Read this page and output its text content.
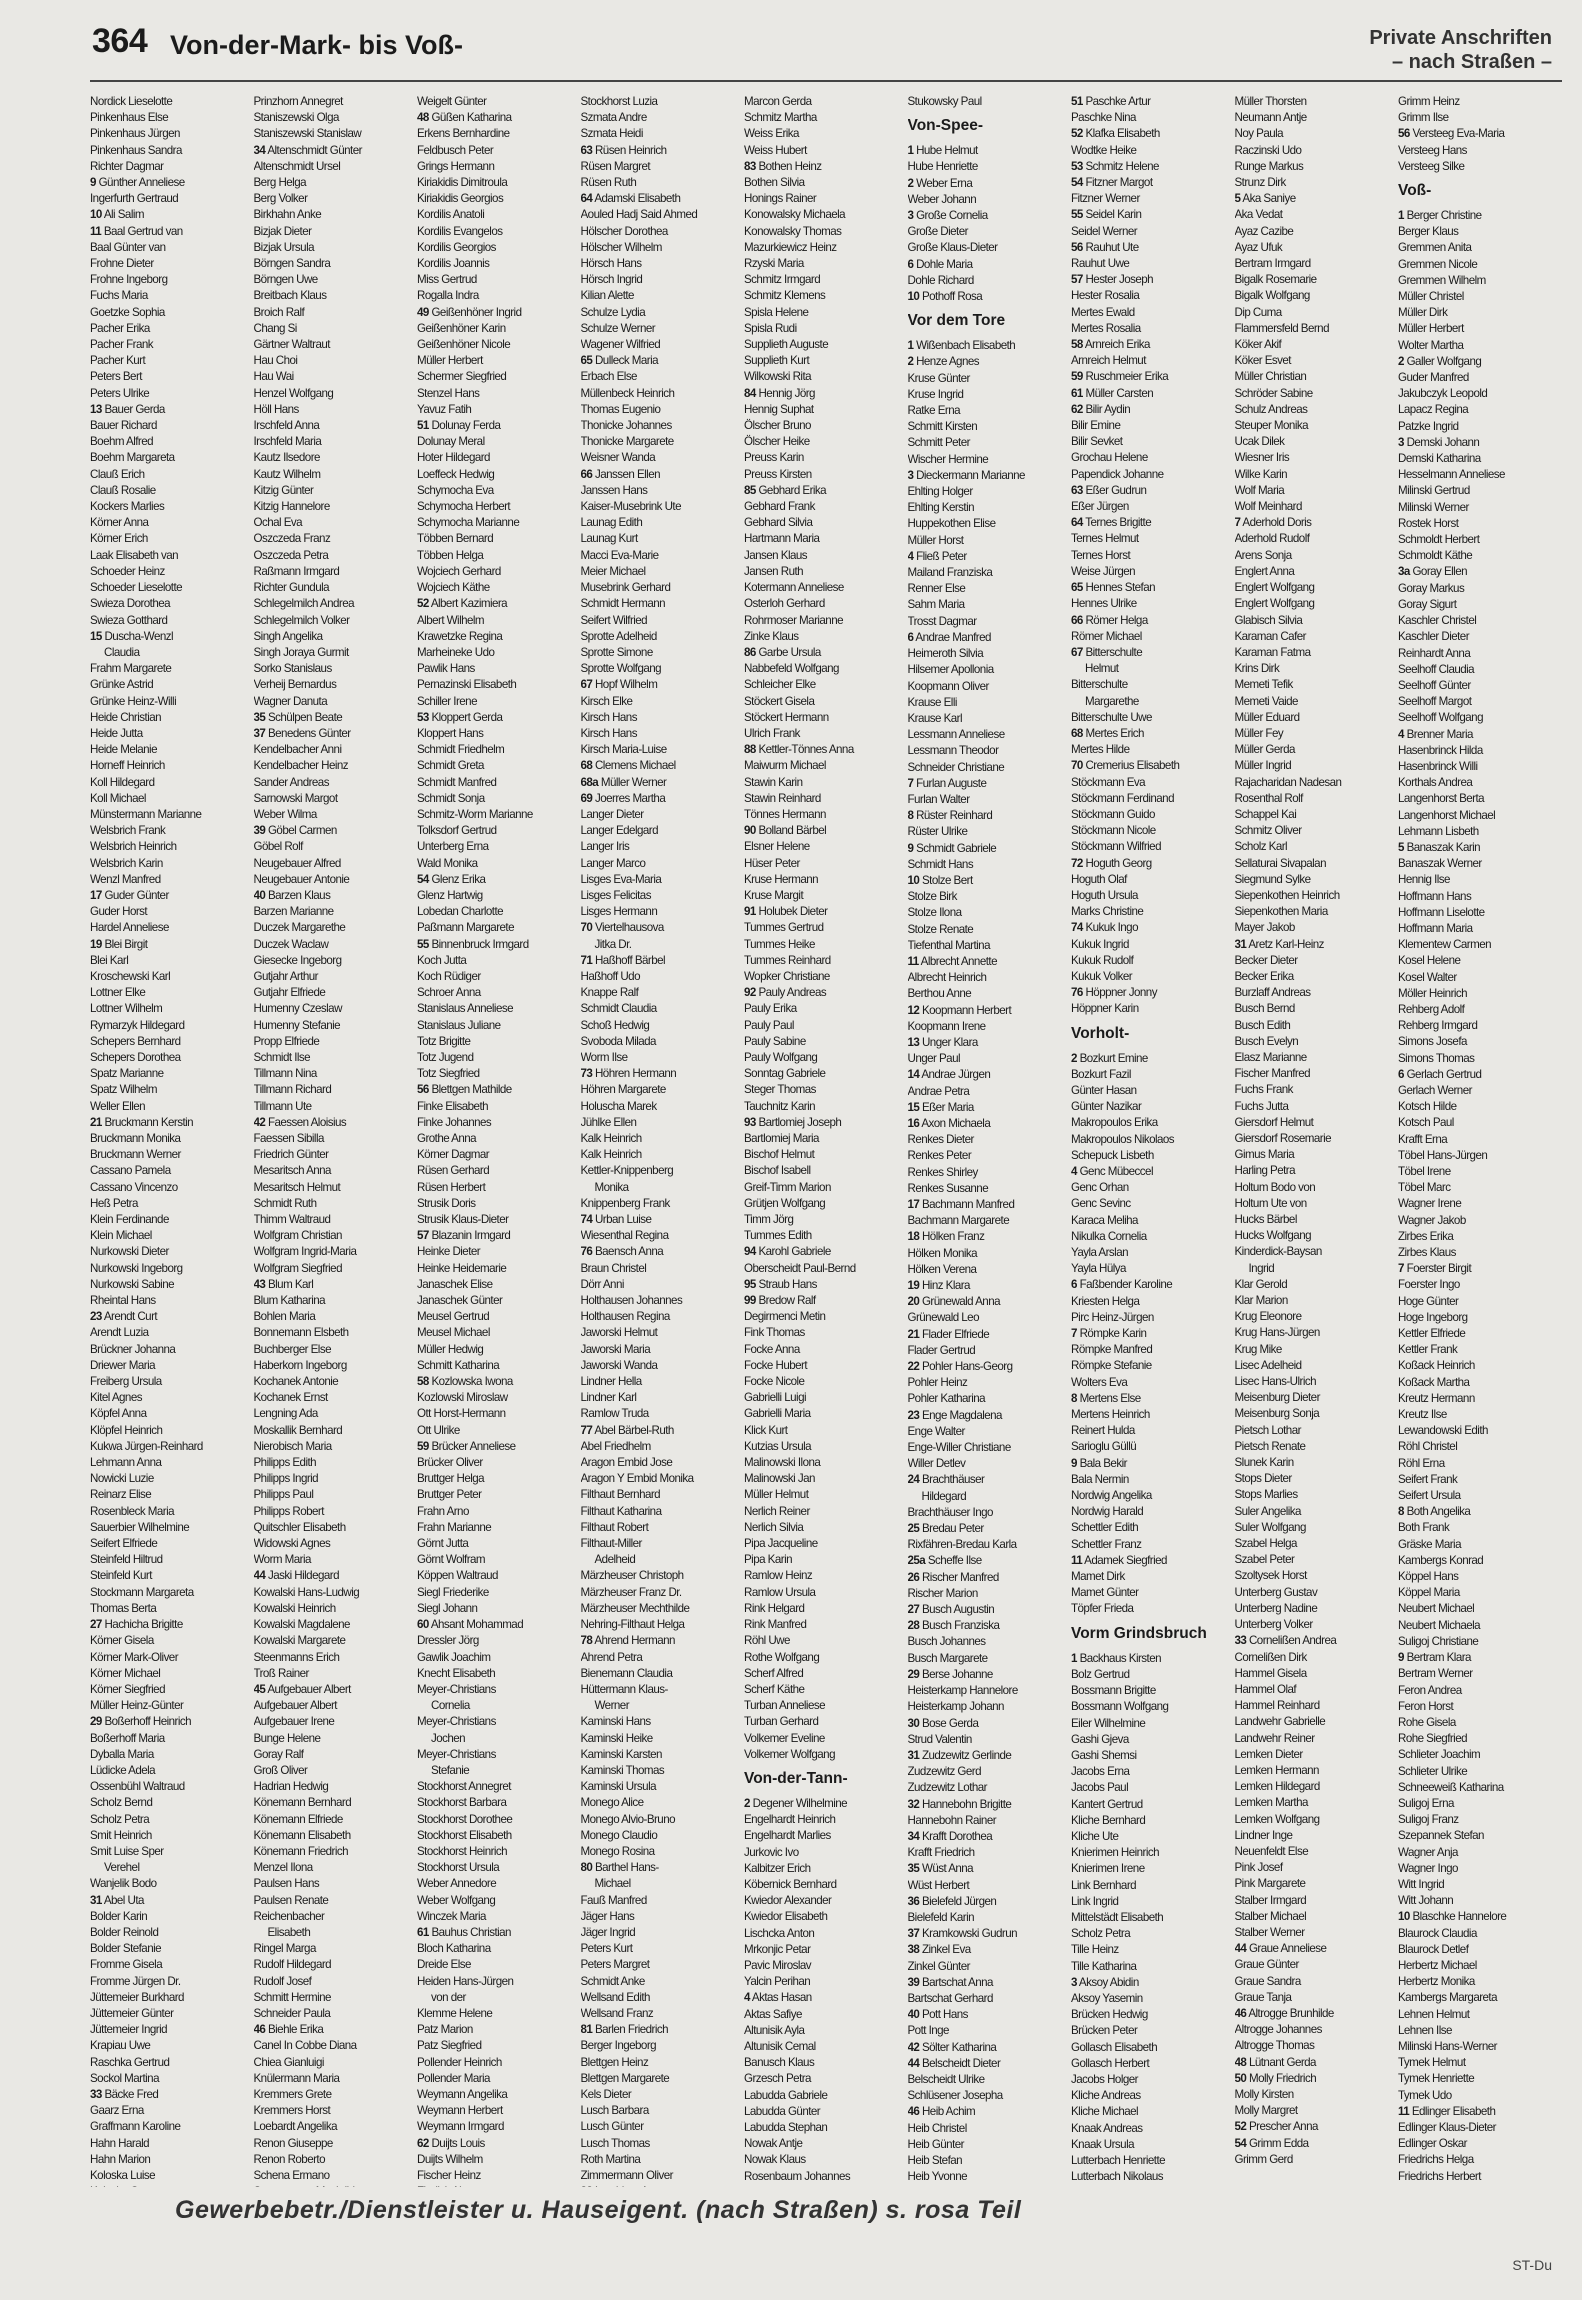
364 Von-der-Mark- bis Voß-	Private Anschriften
– nach Straßen –
Nordick Lieselotte
Pinkenhaus Else
Pinkenhaus Jürgen
Pinkenhaus Sandra
Richter Dagmar
9 Günther Anneliese
Ingerfurth Gertraud
10 Ali Salim
11 Baal Gertrud van
Baal Günter van
Frohne Dieter
Frohne Ingeborg
Fuchs Maria
Goetzke Sophia
Pacher Erika
Pacher Frank
Pacher Kurt
Peters Bert
Peters Ulrike
13 Bauer Gerda
Bauer Richard
Boehm Alfred
Boehm Margareta
Clauß Erich
Clauß Rosalie
Kockers Marlies
Körner Anna
Körner Erich
Laak Elisabeth van
Schoeder Heinz
Schoeder Lieselotte
Swieza Dorothea
Swieza Gotthard
15 Duscha-Wenzl
Claudia
Frahm Margarete
Grünke Astrid
Grünke Heinz-Willi
Heide Christian
Heide Jutta
Heide Melanie
Horneff Heinrich
Koll Hildegard
Koll Michael
Münstermann Marianne
Welsbrich Frank
Welsbrich Heinrich
Welsbrich Karin
Wenzl Manfred
17 Guder Günter
Guder Horst
Hardel Anneliese
19 Blei Birgit
Blei Karl
Kroschewski Karl
Lottner Elke
Lottner Wilhelm
Rymarzyk Hildegard
Schepers Bernhard
Schepers Dorothea
Spatz Marianne
Spatz Wilhelm
Weller Ellen
21 Bruckmann Kerstin
Bruckmann Monika
Bruckmann Werner
Cassano Pamela
Cassano Vincenzo
Heß Petra
Klein Ferdinande
Klein Michael
Nurkowski Dieter
Nurkowski Ingeborg
Nurkowski Sabine
Rheintal Hans
23 Arendt Curt
Arendt Luzia
Brückner Johanna
Driewer Maria
Freiberg Ursula
Kitel Agnes
Köpfel Anna
Klöpfel Heinrich
Kukwa Jürgen-Reinhard
Lehmann Anna
Nowicki Luzie
Reinarz Elise
Rosenbleck Maria
Sauerbier Wilhelmine
Seifert Elfriede
Steinfeld Hiltrud
Steinfeld Kurt
Stockmann Margareta
Thomas Berta
27 Hachicha Brigitte
Körner Gisela
Körner Mark-Oliver
Körner Michael
Körner Siegfried
Müller Heinz-Günter
29 Boßerhoff Heinrich
Boßerhoff Maria
Dyballa Maria
Lüdicke Adela
Ossenbühl Waltraud
Scholz Bernd
Scholz Petra
Smit Heinrich
Smit Luise Sper
Verehel
Wanjelik Bodo
31 Abel Uta
Bolder Karin
Bolder Reinold
Bolder Stefanie
Fromme Gisela
Fromme Jürgen Dr.
Jüttemeier Burkhard
Jüttemeier Günter
Jüttemeier Ingrid
Krapiau Uwe
Raschka Gertrud
Sockol Martina
33 Bäcke Fred
Gaarz Erna
Graffmann Karoline
Hahn Harald
Hahn Marion
Koloska Luise
Prinzhorn Annegret
Staniszewski Olga
Staniszewski Stanislaw
34 Altenschmidt Günter
Altenschmidt Ursel
Berg Helga
Berg Volker
Birkhahn Anke
Bizjak Dieter
Bizjak Ursula
Börngen Sandra
Börngen Uwe
Breitbach Klaus
Broich Ralf
Chang Si
Gärtner Waltraut
Hau Choi
Hau Wai
Henzel Wolfgang
Höll Hans
Irschfeld Anna
Irschfeld Maria
Kautz Ilsedore
Kautz Wilhelm
Kitzig Günter
Kitzig Hannelore
Ochal Eva
Oszczeda Franz
Oszczeda Petra
Raßmann Irmgard
Richter Gundula
Schlegelmilch Andrea
Schlegelmilch Volker
Singh Angelika
Singh Joraya Gurmit
Sorko Stanislaus
Verheij Bernardus
Wagner Danuta
35 Schülpen Beate
37 Benedens Günter
Kendelbacher Anni
Kendelbacher Heinz
Sander Andreas
Sarnowski Margot
Weber Wilma
39 Göbel Carmen
Göbel Rolf
Neugebauer Alfred
Neugebauer Antonie
40 Barzen Klaus
Barzen Marianne
Duczek Margarethe
Duczek Waclaw
Giesecke Ingeborg
Gutjahr Arthur
Gutjahr Elfriede
Humenny Czeslaw
Humenny Stefanie
Propp Elfriede
Schmidt Ilse
Tillmann Nina
Tillmann Richard
Tillmann Ute
42 Faessen Aloisius
Faessen Sibilla
Friedrich Günter
Mesaritsch Anna
Mesaritsch Helmut
Schmidt Ruth
Thimm Waltraud
Wolfgram Christian
Wolfgram Ingrid-Maria
Wolfgram Siegfried
43 Blum Karl
Blum Katharina
Bohlen Maria
Bonnemann Elsbeth
Buchberger Else
Haberkorn Ingeborg
Kochanek Antonie
Kochanek Ernst
Lengning Ada
Moskallik Bernhard
Nierobisch Maria
Philipps Edith
Philipps Ingrid
Philipps Paul
Philipps Robert
Quitschler Elisabeth
Widowski Agnes
Worm Maria
44 Jaski Hildegard
Kowalski Hans-Ludwig
Kowalski Heinrich
Kowalski Magdalene
Kowalski Margarete
Steenmanns Erich
Troß Rainer
45 Aufgebauer Albert
Aufgebauer Albert
Aufgebauer Irene
Bunge Helene
Goray Ralf
Groß Oliver
Hadrian Hedwig
Könemann Bernhard
Könemann Elfriede
Könemann Elisabeth
Könemann Friedrich
Menzel Ilona
Paulsen Hans
Paulsen Renate
Reichenbacher
Elisabeth
Ringel Marga
Rudolf Hildegard
Rudolf Josef
Schmitt Hermine
Schneider Paula
46 Biehle Erika
Canel In Cobbe Diana
Chiea Gianluigi
Knülermann Maria
Kremmers Grete
Kremmers Horst
Loebardt Angelika
Renon Giuseppe
Renon Roberto
Schena Ermano
Weigelt Günter
48 Güßen Katharina
Erkens Bernhardine
Feldbusch Peter
Grings Hermann
Kiriakidis Dimitroula
Kiriakidis Georgios
Kordilis Anatoli
Kordilis Evangelos
Kordilis Georgios
Kordilis Joannis
Miss Gertrud
Rogalla Indra
49 Geißenhöner Ingrid
Geißenhöner Karin
Geißenhöner Nicole
Müller Herbert
Schermer Siegfried
Stenzel Hans
Yavuz Fatih
51 Dolunay Ferda
Dolunay Meral
Hoter Hildegard
Loeffeck Hedwig
Schymocha Eva
Schymocha Herbert
Schymocha Marianne
Többen Bernard
Többen Helga
Wojciech Gerhard
Wojciech Käthe
52 Albert Kazimiera
Albert Wilhelm
Krawetzke Regina
Marheineke Udo
Pawlik Hans
Pernazinski Elisabeth
Schiller Irene
53 Kloppert Gerda
Kloppert Hans
Schmidt Friedhelm
Schmidt Greta
Schmidt Manfred
Schmidt Sonja
Schmitz-Worm Marianne
Tolksdorf Gertrud
Unterberg Erna
Wald Monika
54 Glenz Erika
Glenz Hartwig
Lobedan Charlotte
Paßmann Margarete
55 Binnenbruck Irmgard
Koch Jutta
Koch Rüdiger
Schroer Anna
Stanislaus Anneliese
Stanislaus Juliane
Totz Brigitte
Totz Jugend
Totz Siegfried
56 Blettgen Mathilde
Finke Elisabeth
Finke Johannes
Grothe Anna
Körner Dagmar
Rüsen Gerhard
Rüsen Herbert
Strusik Doris
Strusik Klaus-Dieter
57 Blazanin Irmgard
Heinke Dieter
Heinke Heidemarie
Janaschek Elise
Janaschek Günter
Meusel Gertrud
Meusel Michael
Müller Hedwig
Schmitt Katharina
58 Kozlowska Iwona
Kozlowski Miroslaw
Ott Horst-Hermann
Ott Ulrike
59 Brücker Anneliese
Brücker Oliver
Bruttger Helga
Bruttger Peter
Frahn Arno
Frahn Marianne
Görnt Jutta
Görnt Wolfram
Köppen Waltraud
Siegl Friederike
Siegl Johann
60 Ahsant Mohammad
Dressler Jörg
Gawlik Joachim
Knecht Elisabeth
Meyer-Christians
Cornelia
Meyer-Christians
Jochen
Meyer-Christians
Stefanie
Stockhorst Annegret
Stockhorst Barbara
Stockhorst Dorothee
Stockhorst Elisabeth
Stockhorst Heinrich
Stockhorst Ursula
Weber Annedore
Weber Wolfgang
Winczek Maria
61 Bauhus Christian
Bloch Katharina
Dreide Else
Heiden Hans-Jürgen
von der
Klemme Helene
Patz Marion
Patz Siegfried
Pollender Heinrich
Pollender Maria
Weymann Angelika
Weymann Herbert
Weymann Irmgard
62 Duijts Louis
Duijts Wilhelm
Fischer Heinz
Stockhorst Luzia
Szmata Andre
Szmata Heidi
63 Rüsen Heinrich
Rüsen Margret
Rüsen Ruth
64 Adamski Elisabeth
Aouled Hadj Said Ahmed
Hölscher Dorothea
Hölscher Wilhelm
Hörsch Hans
Hörsch Ingrid
Kilian Alette
Schulze Lydia
Schulze Werner
Wagener Wilfried
65 Dulleck Maria
Erbach Else
Müllenbeck Heinrich
Thomas Eugenio
Thonicke Johannes
Thonicke Margarete
Weisner Wanda
66 Janssen Ellen
Janssen Hans
Kaiser-Musebrink Ute
Launag Edith
Launag Kurt
Macci Eva-Marie
Meier Michael
Musebrink Gerhard
Schmidt Hermann
Seifert Wilfried
Sprotte Adelheid
Sprotte Simone
Sprotte Wolfgang
67 Hopf Wilhelm
Kirsch Elke
Kirsch Hans
Kirsch Hans
Kirsch Maria-Luise
68 Clemens Michael
68a Müller Werner
69 Joerres Martha
Langer Dieter
Langer Edelgard
Langer Iris
Langer Marco
Lisges Eva-Maria
Lisges Felicitas
Lisges Hermann
70 Viertelhausova
Jitka Dr.
71 Haßhoff Bärbel
Haßhoff Udo
Knappe Ralf
Schmidt Claudia
Schoß Hedwig
Svoboda Milada
Worm Ilse
73 Höhren Hermann
Höhren Margarete
Holuscha Marek
Jühlke Ellen
Kalk Heinrich
Kalk Heinrich
Kettler-Knippenberg
Monika
Knippenberg Frank
74 Urban Luise
Wiesenthal Regina
76 Baensch Anna
Braun Christel
Dörr Anni
Holthausen Johannes
Holthausen Regina
Jaworski Helmut
Jaworski Maria
Jaworski Wanda
Lindner Hella
Lindner Karl
Ramlow Truda
77 Abel Bärbel-Ruth
Abel Friedhelm
Aragon Embid Jose
Aragon Y Embid Monika
Filthaut Bernhard
Filthaut Katharina
Filthaut Robert
Filthaut-Miller
Adelheid
Märzheuser Christoph
Märzheuser Franz Dr.
Märzheuser Mechthilde
Nehring-Filthaut Helga
78 Ahrend Hermann
Ahrend Petra
Bienemann Claudia
Hüttermann Klaus-
Werner
Kaminski Hans
Kaminski Heike
Kaminski Karsten
Kaminski Thomas
Kaminski Ursula
Monego Alice
Monego Alvio-Bruno
Monego Claudio
Monego Rosina
80 Barthel Hans-
Michael
Fauß Manfred
Jäger Hans
Jäger Ingrid
Peters Kurt
Peters Margret
Schmidt Anke
Wellsand Edith
Wellsand Franz
81 Barlen Friedrich
Berger Ingeborg
Blettgen Heinz
Blettgen Margarete
Kels Dieter
Lusch Barbara
Lusch Günter
Lusch Thomas
Roth Martina
Zimmermann Oliver
Marcon Gerda
Schmitz Martha
Weiss Erika
Weiss Hubert
83 Bothen Heinz
Bothen Silvia
Honings Rainer
Konowalsky Michaela
Konowalsky Thomas
Mazurkiewicz Heinz
Rzyski Maria
Schmitz Irmgard
Schmitz Klemens
Spisla Helene
Spisla Rudi
Supplieth Auguste
Supplieth Kurt
Wilkowski Rita
84 Hennig Jörg
Hennig Suphat
Ölscher Bruno
Ölscher Heike
Preuss Karin
Preuss Kirsten
85 Gebhard Erika
Gebhard Frank
Gebhard Silvia
Hartmann Maria
Jansen Klaus
Jansen Ruth
Kotermann Anneliese
Osterloh Gerhard
Rohrmoser Marianne
Zinke Klaus
86 Garbe Ursula
Nabbefeld Wolfgang
Schleicher Elke
Stöckert Gisela
Stöckert Hermann
Ulrich Frank
88 Kettler-Tönnes Anna
Maiwurm Michael
Stawin Karin
Stawin Reinhard
Tönnes Hermann
90 Bolland Bärbel
Elsner Helene
Hüser Peter
Kruse Hermann
Kruse Margit
91 Holubek Dieter
Tummes Gertrud
Tummes Heike
Tummes Reinhard
Wopker Christiane
92 Pauly Andreas
Pauly Erika
Pauly Paul
Pauly Sabine
Pauly Wolfgang
Sonntag Gabriele
Steger Thomas
Tauchnitz Karin
93 Bartlomiej Joseph
Bartlomiej Maria
Bischof Helmut
Bischof Isabell
Greif-Timm Marion
Grütjen Wolfgang
Timm Jörg
Tummes Edith
94 Karohl Gabriele
Oberscheidt Paul-Bernd
95 Straub Hans
99 Bredow Ralf
Degirmenci Metin
Fink Thomas
Focke Anna
Focke Hubert
Focke Nicole
Gabrielli Luigi
Gabrielli Maria
Klick Kurt
Kutzias Ursula
Malinowski Ilona
Malinowski Jan
Müller Helmut
Nerlich Reiner
Nerlich Silvia
Pipa Jacqueline
Pipa Karin
Ramlow Heinz
Ramlow Ursula
Rink Helgard
Rink Manfred
Röhl Uwe
Rothe Wolfgang
Scherf Alfred
Scherf Käthe
Turban Anneliese
Turban Gerhard
Volkemer Eveline
Volkemer Wolfgang
Von-der-Tann-
2 Degener Wilhelmine
Engelhardt Heinrich
Engelhardt Marlies
Jurkovic Ivo
Kalbitzer Erich
Köbernick Bernhard
Kwiedor Alexander
Kwiedor Elisabeth
Lischcka Anton
Mrkonjic Petar
Pavic Miroslav
Yalcin Perihan
4 Aktas Hasan
Aktas Safiye
Altunisik Ayla
Altunisik Cemal
Banusch Klaus
Grzesch Petra
Labudda Gabriele
Labudda Günter
Labudda Stephan
Nowak Antje
Nowak Klaus
Rosenbaum Johannes
Stukowsky Paul
Von-Spee-
1 Hube Helmut
Hube Henriette
2 Weber Erna
Weber Johann
3 Große Cornelia
Große Dieter
Große Klaus-Dieter
6 Dohle Maria
Dohle Richard
10 Pothoff Rosa
Vor dem Tore
1 Wißenbach Elisabeth
2 Henze Agnes
Kruse Günter
Kruse Ingrid
Ratke Erna
Schmitt Kirsten
Schmitt Peter
Wischer Hermine
3 Dieckermann Marianne
Ehlting Holger
Ehlting Kerstin
Huppekothen Elise
Müller Horst
4 Fließ Peter
Mailand Franziska
Renner Else
Sahm Maria
Trosst Dagmar
6 Andrae Manfred
Heimeroth Silvia
Hilsemer Apollonia
Koopmann Oliver
Krause Elli
Krause Karl
Lessmann Anneliese
Lessmann Theodor
Schneider Christiane
7 Furlan Auguste
Furlan Walter
8 Rüster Reinhard
Rüster Ulrike
9 Schmidt Gabriele
Schmidt Hans
10 Stolze Bert
Stolze Birk
Stolze Ilona
Stolze Renate
Tiefenthal Martina
11 Albrecht Annette
Albrecht Heinrich
Berthou Anne
12 Koopmann Herbert
Koopmann Irene
13 Unger Klara
Unger Paul
14 Andrae Jürgen
Andrae Petra
15 Eßer Maria
16 Axon Michaela
Renkes Dieter
Renkes Peter
Renkes Shirley
Renkes Susanne
17 Bachmann Manfred
Bachmann Margarete
18 Hölken Franz
Hölken Monika
Hölken Verena
19 Hinz Klara
20 Grünewald Anna
Grünewald Leo
21 Flader Elfriede
Flader Gertrud
22 Pohler Hans-Georg
Pohler Heinz
Pohler Katharina
23 Enge Magdalena
Enge Walter
Enge-Willer Christiane
Willer Detlev
24 Brachthäuser
Hildegard
Brachthäuser Ingo
25 Bredau Peter
Rixfähren-Bredau Karla
25a Scheffe Ilse
26 Rischer Manfred
Rischer Marion
27 Busch Augustin
28 Busch Franziska
Busch Johannes
Busch Margarete
29 Berse Johanne
Heisterkamp Hannelore
Heisterkamp Johann
30 Bose Gerda
Strud Valentin
31 Zudzewitz Gerlinde
Zudzewitz Gerd
Zudzewitz Lothar
32 Hannebohn Brigitte
Hannebohn Rainer
34 Krafft Dorothea
Krafft Friedrich
35 Wüst Anna
Wüst Herbert
36 Bielefeld Jürgen
Bielefeld Karin
37 Kramkowski Gudrun
38 Zinkel Eva
Zinkel Günter
39 Bartschat Anna
Bartschat Gerhard
40 Pott Hans
Pott Inge
42 Sölter Katharina
44 Belscheidt Dieter
Belscheidt Ulrike
Schlüsener Josepha
46 Heib Achim
Heib Christel
Heib Günter
Heib Stefan
Heib Yvonne
51 Paschke Artur
Paschke Nina
52 Klafka Elisabeth
Wodtke Heike
53 Schmitz Helene
54 Fitzner Margot
Fitzner Werner
55 Seidel Karin
Seidel Werner
56 Rauhut Ute
Rauhut Uwe
57 Hester Joseph
Hester Rosalia
Mertes Ewald
Mertes Rosalia
58 Arnreich Erika
Arnreich Helmut
59 Ruschmeier Erika
61 Müller Carsten
62 Bilir Aydin
Bilir Emine
Bilir Sevket
Grochau Helene
Papendick Johanne
63 Eßer Gudrun
Eßer Jürgen
64 Ternes Brigitte
Ternes Helmut
Ternes Horst
Weise Jürgen
65 Hennes Stefan
Hennes Ulrike
66 Römer Helga
Römer Michael
67 Bitterschulte
Helmut
Bitterschulte
Margarethe
Bitterschulte Uwe
68 Mertes Erich
Mertes Hilde
70 Cremerius Elisabeth
Stöckmann Eva
Stöckmann Ferdinand
Stöckmann Guido
Stöckmann Nicole
Stöckmann Wilfried
72 Hoguth Georg
Hoguth Olaf
Hoguth Ursula
Marks Christine
74 Kukuk Ingo
Kukuk Ingrid
Kukuk Rudolf
Kukuk Volker
76 Höppner Jonny
Höppner Karin
Vorholt-
2 Bozkurt Emine
Bozkurt Fazil
Günter Hasan
Günter Nazikar
Makropoulos Erika
Makropoulos Nikolaos
Schepuck Lisbeth
4 Genc Mübeccel
Genc Orhan
Genc Sevinc
Karaca Meliha
Nikulka Cornelia
Yayla Arslan
Yayla Hülya
6 Faßbender Karoline
Kriesten Helga
Pirc Heinz-Jürgen
7 Römpke Karin
Römpke Manfred
Römpke Stefanie
Wolters Eva
8 Mertens Else
Mertens Heinrich
Reinert Hulda
Sarioglu Güllü
9 Bala Bekir
Bala Nermin
Nordwig Angelika
Nordwig Harald
Schettler Edith
Schettler Franz
11 Adamek Siegfried
Mamet Dirk
Mamet Günter
Töpfer Frieda
Vorm Grindsbruch
1 Backhaus Kirsten
Bolz Gertrud
Bossmann Brigitte
Bossmann Wolfgang
Eiler Wilhelmine
Gashi Gjeva
Gashi Shemsi
Jacobs Erna
Jacobs Paul
Kantert Gertrud
Kliche Bernhard
Kliche Ute
Knierimen Heinrich
Knierimen Irene
Link Bernhard
Link Ingrid
Mittelstädt Elisabeth
Scholz Petra
Tille Heinz
Tille Katharina
3 Aksoy Abidin
Aksoy Yasemin
Brücken Hedwig
Brücken Peter
Gollasch Elisabeth
Gollasch Herbert
Jacobs Holger
Kliche Andreas
Kliche Michael
Knaak Andreas
Knaak Ursula
Lutterbach Henriette
Lutterbach Nikolaus
Müller Thorsten
Neumann Antje
Noy Paula
Raczinski Udo
Runge Markus
Strunz Dirk
5 Aka Saniye
Aka Vedat
Ayaz Cazibe
Ayaz Ufuk
Bertram Irmgard
Bigalk Rosemarie
Bigalk Wolfgang
Dip Cuma
Flammersfeld Bernd
Köker Akif
Köker Esvet
Müller Christian
Schröder Sabine
Schulz Andreas
Steuper Monika
Ucak Dilek
Wiesner Iris
Wilke Karin
Wolf Maria
Wolf Meinhard
7 Aderhold Doris
Aderhold Rudolf
Arens Sonja
Englert Anna
Englert Wolfgang
Englert Wolfgang
Glabisch Silvia
Karaman Cafer
Karaman Fatma
Krins Dirk
Memeti Tefik
Memeti Vaide
Müller Eduard
Müller Fey
Müller Gerda
Müller Ingrid
Rajacharidan Nadesan
Rosenthal Rolf
Schappel Kai
Schmitz Oliver
Scholz Karl
Sellaturai Sivapalan
Siegmund Sylke
Siepenkothen Heinrich
Siepenkothen Maria
Mayer Jakob
31 Aretz Karl-Heinz
Becker Dieter
Becker Erika
Burzlaff Andreas
Busch Bernd
Busch Edith
Busch Evelyn
Elasz Marianne
Fischer Manfred
Fuchs Frank
Fuchs Jutta
Giersdorf Helmut
Giersdorf Rosemarie
Gimus Maria
Harling Petra
Holtum Bodo von
Holtum Ute von
Hucks Bärbel
Hucks Wolfgang
Kinderdick-Baysan
Ingrid
Klar Gerold
Klar Marion
Krug Eleonore
Krug Hans-Jürgen
Krug Mike
Lisec Adelheid
Lisec Hans-Ulrich
Meisenburg Dieter
Meisenburg Sonja
Pietsch Lothar
Pietsch Renate
Slunek Karin
Stops Dieter
Stops Marlies
Suler Angelika
Suler Wolfgang
Szabel Helga
Szabel Peter
Szoltysek Horst
Unterberg Gustav
Unterberg Nadine
Unterberg Volker
33 Cornelißen Andrea
Cornelißen Dirk
Hammel Gisela
Hammel Olaf
Hammel Reinhard
Landwehr Gabrielle
Landwehr Reiner
Lemken Dieter
Lemken Hermann
Lemken Hildegard
Lemken Martha
Lemken Wolfgang
Lindner Inge
Neuenfeldt Else
Pink Josef
Pink Margarete
Stalber Irmgard
Stalber Michael
Stalber Werner
44 Graue Anneliese
Graue Günter
Graue Sandra
Graue Tanja
46 Altrogge Brunhilde
Altrogge Johannes
Altrogge Thomas
48 Lütnant Gerda
50 Molly Friedrich
Molly Kirsten
Molly Margret
52 Prescher Anna
54 Grimm Edda
Grimm Gerd
Grimm Heinz
Grimm Ilse
56 Versteeg Eva-Maria
Versteeg Hans
Versteeg Silke
Voß-
1 Berger Christine
Berger Klaus
Gremmen Anita
Gremmen Nicole
Gremmen Wilhelm
Müller Christel
Müller Dirk
Müller Herbert
Wolter Martha
2 Galler Wolfgang
Guder Manfred
Jakubczyk Leopold
Lapacz Regina
Patzke Ingrid
3 Demski Johann
Demski Katharina
Hesselmann Anneliese
Milinski Gertrud
Milinski Werner
Rostek Horst
Schmoldt Herbert
Schmoldt Käthe
3a Goray Ellen
Goray Markus
Goray Sigurt
Kaschler Christel
Kaschler Dieter
Reinhardt Anna
Seelhoff Claudia
Seelhoff Günter
Seelhoff Margot
Seelhoff Wolfgang
4 Brenner Maria
Hasenbrinck Hilda
Hasenbrinck Willi
Korthals Andrea
Langenhorst Berta
Langenhorst Michael
Lehmann Lisbeth
5 Banaszak Karin
Banaszak Werner
Hennig Ilse
Hoffmann Hans
Hoffmann Liselotte
Hoffmann Maria
Klementew Carmen
Kosel Helene
Kosel Walter
Möller Heinrich
Rehberg Adolf
Rehberg Irmgard
Simons Josefa
Simons Thomas
6 Gerlach Gertrud
Gerlach Werner
Kotsch Hilde
Kotsch Paul
Krafft Erna
Töbel Hans-Jürgen
Töbel Irene
Töbel Marc
Wagner Irene
Wagner Jakob
Zirbes Erika
Zirbes Klaus
7 Foerster Birgit
Foerster Ingo
Hoge Günter
Hoge Ingeborg
Kettler Elfriede
Kettler Frank
Koßack Heinrich
Koßack Martha
Kreutz Hermann
Kreutz Ilse
Lewandowski Edith
Röhl Christel
Röhl Erna
Seifert Frank
Seifert Ursula
8 Both Angelika
Both Frank
Gräske Maria
Kambergs Konrad
Köppel Hans
Köppel Maria
Neubert Michael
Neubert Michaela
Suligoj Christiane
9 Bertram Klara
Bertram Werner
Feron Andrea
Feron Horst
Rohe Gisela
Rohe Siegfried
Schlieter Joachim
Schlieter Ulrike
Schneeweiß Katharina
Suligoj Erna
Suligoj Franz
Szepannek Stefan
Wagner Anja
Wagner Ingo
Witt Ingrid
Witt Johann
10 Blaschke Hannelore
Blaurock Claudia
Blaurock Detlef
Herbertz Michael
Herbertz Monika
Kambergs Margareta
Lehnen Helmut
Lehnen Ilse
Milinski Hans-Werner
Tymek Helmut
Tymek Henriette
Tymek Udo
11 Edlinger Elisabeth
Edlinger Klaus-Dieter
Edlinger Oskar
Friedrichs Helga
Friedrichs Herbert
Gewerbebetr./Dienstleister u. Hauseigent. (nach Straßen) s. rosa Teil
ST-Du
